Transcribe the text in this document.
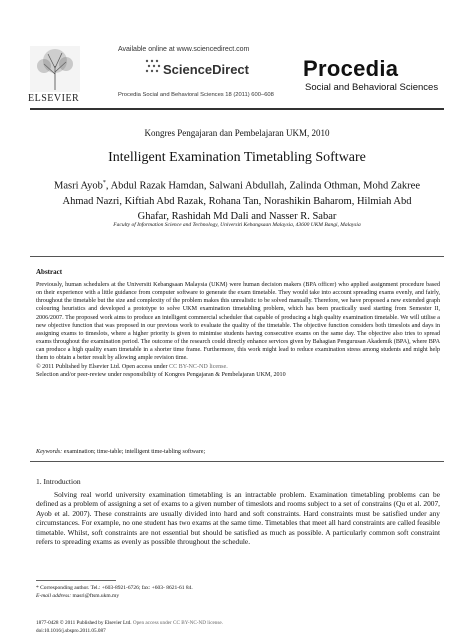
ELSEVIER
Available online at www.sciencedirect.com
ScienceDirect
Procedia Social and Behavioral Sciences 18 (2011) 600–608
Procedia
Social and Behavioral Sciences
Kongres Pengajaran dan Pembelajaran UKM, 2010
Intelligent Examination Timetabling Software
Masri Ayob*, Abdul Razak Hamdan, Salwani Abdullah, Zalinda Othman, Mohd Zakree
Ahmad Nazri, Kiftiah Abd Razak, Rohana Tan, Norashikin Baharom, Hilmiah Abd
Ghafar, Rashidah Md Dali and Nasser R. Sabar
Faculty of Information Science and Technology, Universiti Kebangsaan Malaysia, 43600 UKM Bangi, Malaysia
Abstract

Previously, human schedulers at the Universiti Kebangsaan Malaysia (UKM) were human decision makers (BPA officer) who applied assignment procedure based on their experience with a little guidance from computer software to generate the exam timetable. They would take into account spreading exams evenly, and fairly, throughout the timetable but the size and complexity of the problem makes this unrealistic to be solved manually. Therefore, we have proposed a new extended graph colouring heuristics and developed a prototype to solve UKM examination timetabling problem, which has been practically used starting from Semester II, 2006/2007. The proposed work aims to produce an intelligent commercial scheduler that capable of producing a high quality examination timetable. We will utilise a new objective function that was proposed in our previous work to evaluate the quality of the timetable. The objective function considers both timeslots and days in assigning exams to timeslots, where a higher priority is given to minimise students having consecutive exams on the same day. The objective also tries to spread exams throughout the examination period. The outcome of the research could directly enhance services given by Bahagian Pengurusan Akademik (BPA), where BPA can produce a high quality exam timetable in a shorter time frame. Furthermore, this work might lead to reduce examination stress among students and might help them to obtain a better result by allowing ample revision time.

© 2011 Published by Elsevier Ltd. Open access under CC BY-NC-ND license.

Selection and/or peer-review under responsibility of Kongres Pengajaran & Pembelajaran UKM, 2010

Keywords: examination; time-table; intelligent time-tabling software;
1. Introduction

Solving real world university examination timetabling is an intractable problem. Examination timetabling problems can be defined as a problem of assigning a set of exams to a given number of timeslots and rooms subject to a set of constrains (Qu et al. 2007, Ayob et al. 2007). These constraints are usually divided into hard and soft constraints. Hard constraints must be satisfied under any circumstances. For example, no one student has two exams at the same time. Timetables that meet all hard constraints are called feasible timetable. Whilst, soft constraints are not essential but should be satisfied as much as possible. A particularly common soft constraint refers to spreading exams as evenly as possible throughout the schedule.

* Corresponding author. Tel.: +603-8921-6726; fax: +603- 8621-61 84.
E-mail address: masri@ftsm.ukm.my
1877-0428 © 2011 Published by Elsevier Ltd. Open access under CC BY-NC-ND license.
doi:10.1016/j.sbspro.2011.05.087
